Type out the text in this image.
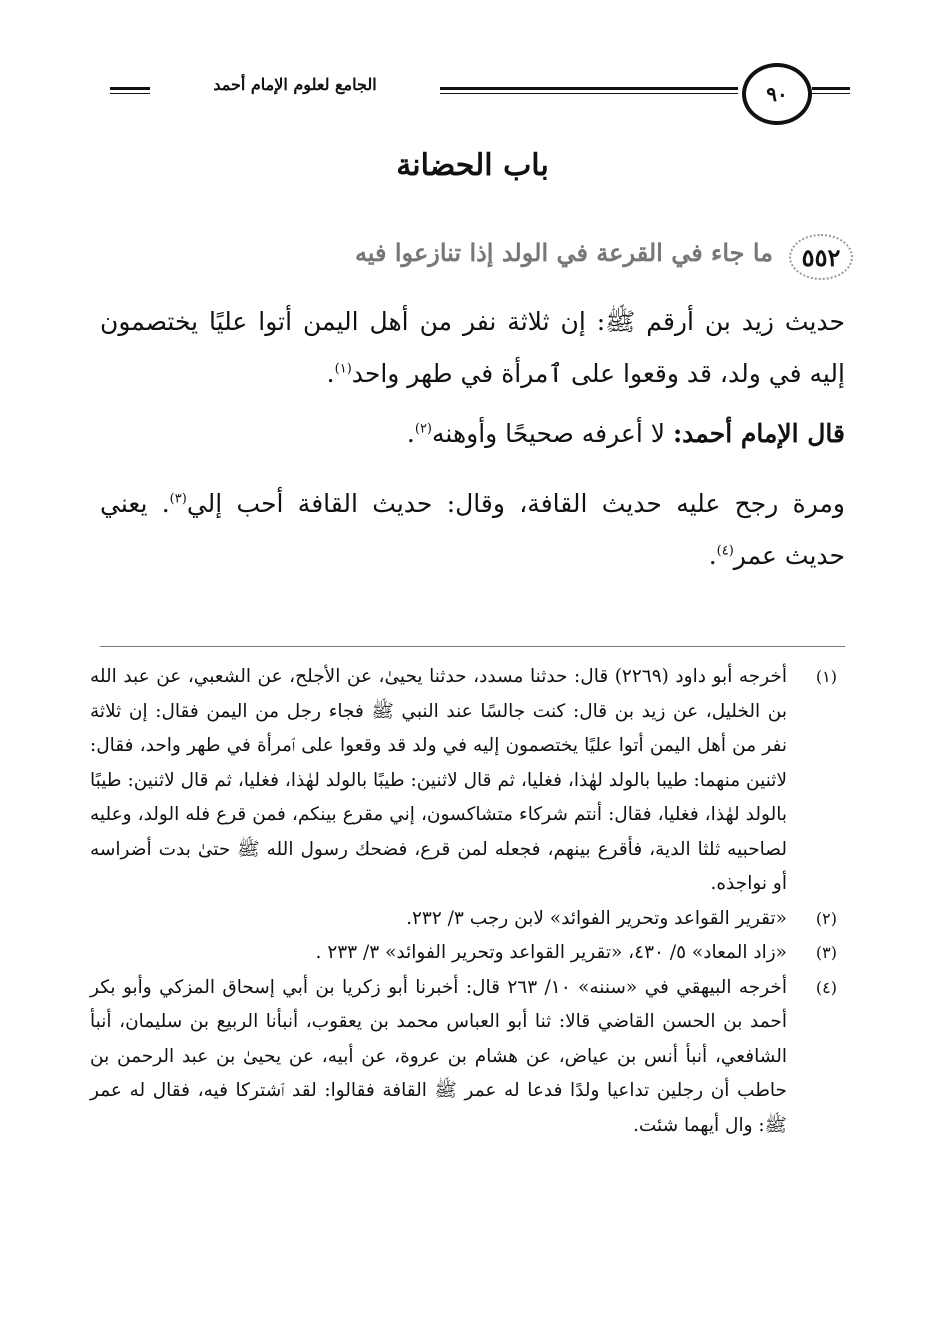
الجامع لعلوم الإمام أحمد	٩٠
باب الحضانة
٥٥٢
ما جاء في القرعة في الولد إذا تنازعوا فيه

حديث زيد بن أرقم ﷺ: إن ثلاثة نفر من أهل اليمن أتوا عليًا يختصمون إليه في ولد، قد وقعوا على ٱمرأة في طهر واحد$^{(١)}$.

قال الإمام أحمد: لا أعرفه صحيحًا وأوهنه$^{(٢)}$.

ومرة رجح عليه حديث القافة، وقال: حديث القافة أحب إلي$^{(٣)}$. يعني حديث عمر$^{(٤)}$.

(١)
أخرجه أبو داود (٢٢٦٩) قال: حدثنا مسدد، حدثنا يحيىٰ، عن الأجلح، عن الشعبي، عن عبد الله بن الخليل، عن زيد بن قال: كنت جالسًا عند النبي ﷺ فجاء رجل من اليمن فقال: إن ثلاثة نفر من أهل اليمن أتوا عليًا يختصمون إليه في ولد قد وقعوا على ٱمرأة في طهر واحد، فقال: لاثنين منهما: طيبا بالولد لهٰذا، فغليا، ثم قال لاثنين: طيبًا بالولد لهٰذا، فغليا، ثم قال لاثنين: طيبًا بالولد لهٰذا، فغليا، فقال: أنتم شركاء متشاكسون، إني مقرع بينكم، فمن قرع فله الولد، وعليه لصاحبيه ثلثا الدية، فأقرع بينهم، فجعله لمن قرع، فضحك رسول الله ﷺ حتىٰ بدت أضراسه أو نواجذه.

(٢)
«تقرير القواعد وتحرير الفوائد» لابن رجب ٣/ ٢٣٢.

(٣)
«زاد المعاد» ٥/ ٤٣٠، «تقرير القواعد وتحرير الفوائد» ٣/ ٢٣٣ .

(٤)
أخرجه البيهقي في «سننه» ١٠/ ٢٦٣ قال: أخبرنا أبو زكريا بن أبي إسحاق المزكي وأبو بكر أحمد بن الحسن القاضي قالا: ثنا أبو العباس محمد بن يعقوب، أنبأنا الربيع بن سليمان، أنبأ الشافعي، أنبأ أنس بن عياض، عن هشام بن عروة، عن أبيه، عن يحيىٰ بن عبد الرحمن بن حاطب أن رجلين تداعيا ولدًا فدعا له عمر ﷺ القافة فقالوا: لقد ٱشتركا فيه، فقال له عمر ﷺ: وال أيهما شئت.
